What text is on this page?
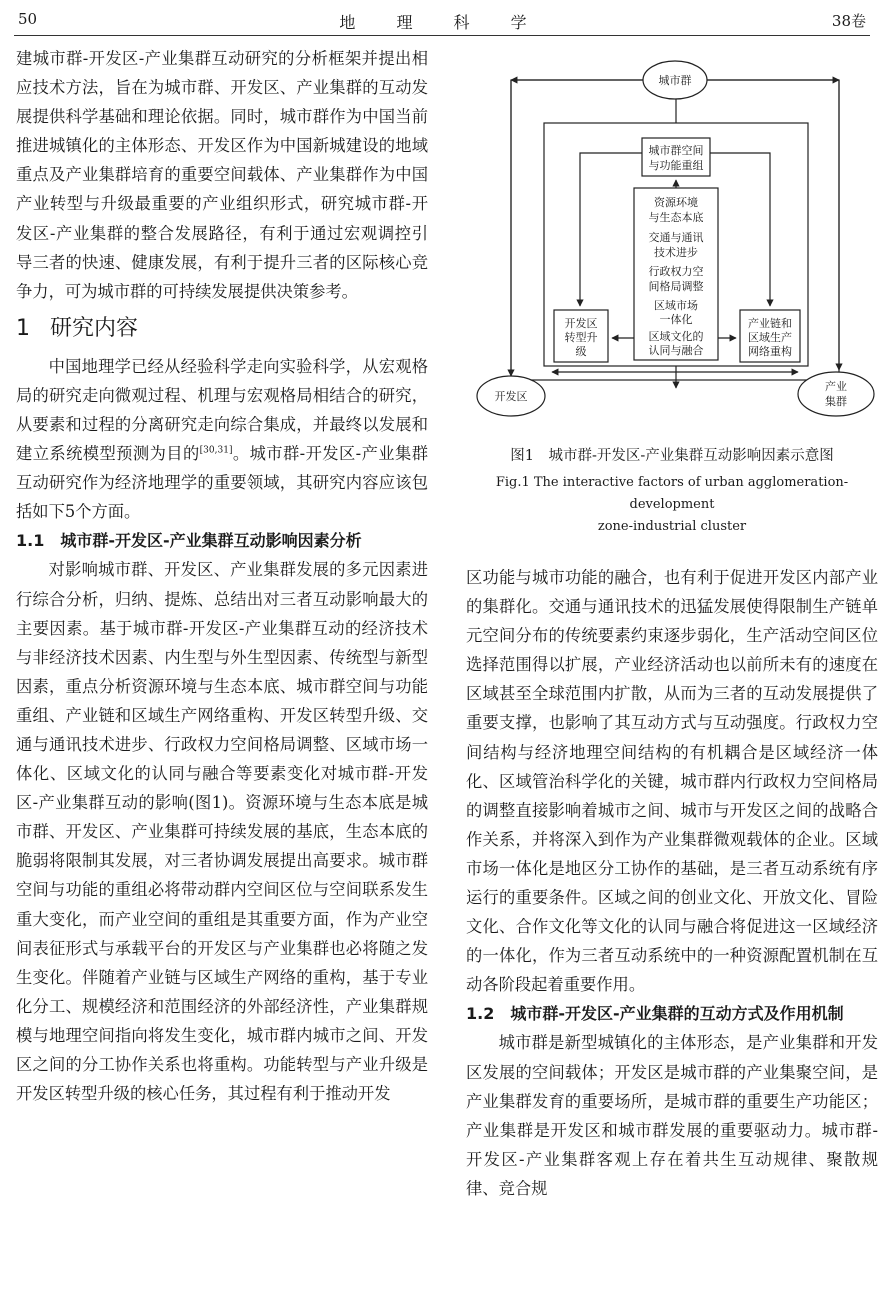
50	地 理 科 学	38卷

建城市群-开发区-产业集群互动研究的分析框架并提出相应技术方法，旨在为城市群、开发区、产业集群的互动发展提供科学基础和理论依据。同时，城市群作为中国当前推进城镇化的主体形态、开发区作为中国新城建设的地域重点及产业集群培育的重要空间载体、产业集群作为中国产业转型与升级最重要的产业组织形式，研究城市群-开发区-产业集群的整合发展路径，有利于通过宏观调控引导三者的快速、健康发展，有利于提升三者的区际核心竞争力，可为城市群的可持续发展提供决策参考。

1 研究内容

中国地理学已经从经验科学走向实验科学，从宏观格局的研究走向微观过程、机理与宏观格局相结合的研究，从要素和过程的分离研究走向综合集成，并最终以发展和建立系统模型预测为目的[30,31]。城市群-开发区-产业集群互动研究作为经济地理学的重要领域，其研究内容应该包括如下5个方面。

1.1 城市群-开发区-产业集群互动影响因素分析

对影响城市群、开发区、产业集群发展的多元因素进行综合分析，归纳、提炼、总结出对三者互动影响最大的主要因素。基于城市群-开发区-产业集群互动的经济技术与非经济技术因素、内生型与外生型因素、传统型与新型因素，重点分析资源环境与生态本底、城市群空间与功能重组、产业链和区域生产网络重构、开发区转型升级、交通与通讯技术进步、行政权力空间格局调整、区域市场一体化、区域文化的认同与融合等要素变化对城市群-开发区-产业集群互动的影响(图1)。资源环境与生态本底是城市群、开发区、产业集群可持续发展的基底，生态本底的脆弱将限制其发展，对三者协调发展提出高要求。城市群空间与功能的重组必将带动群内空间区位与空间联系发生重大变化，而产业空间的重组是其重要方面，作为产业空间表征形式与承载平台的开发区与产业集群也必将随之发生变化。伴随着产业链与区域生产网络的重构，基于专业化分工、规模经济和范围经济的外部经济性，产业集群规模与地理空间指向将发生变化，城市群内城市之间、开发区之间的分工协作关系也将重构。功能转型与产业升级是开发区转型升级的核心任务，其过程有利于推动开发

城市群
开发区
产业
集群
城市群空间
与功能重组
资源环境
与生态本底
交通与通讯
技术进步
行政权力空
间格局调整
区域市场
一体化
区域文化的
认同与融合
开发区
转型升
级
产业链和
区域生产
网络重构
图1　城市群-开发区-产业集群互动影响因素示意图
Fig.1 The interactive factors of urban agglomeration-development
zone-industrial cluster

区功能与城市功能的融合，也有利于促进开发区内部产业的集群化。交通与通讯技术的迅猛发展使得限制生产链单元空间分布的传统要素约束逐步弱化，生产活动空间区位选择范围得以扩展，产业经济活动也以前所未有的速度在区域甚至全球范围内扩散，从而为三者的互动发展提供了重要支撑，也影响了其互动方式与互动强度。行政权力空间结构与经济地理空间结构的有机耦合是区域经济一体化、区域管治科学化的关键，城市群内行政权力空间格局的调整直接影响着城市之间、城市与开发区之间的战略合作关系，并将深入到作为产业集群微观载体的企业。区域市场一体化是地区分工协作的基础，是三者互动系统有序运行的重要条件。区域之间的创业文化、开放文化、冒险文化、合作文化等文化的认同与融合将促进这一区域经济的一体化，作为三者互动系统中的一种资源配置机制在互动各阶段起着重要作用。

1.2 城市群-开发区-产业集群的互动方式及作用机制

城市群是新型城镇化的主体形态，是产业集群和开发区发展的空间载体；开发区是城市群的产业集聚空间，是产业集群发育的重要场所，是城市群的重要生产功能区；产业集群是开发区和城市群发展的重要驱动力。城市群-开发区-产业集群客观上存在着共生互动规律、聚散规律、竞合规
